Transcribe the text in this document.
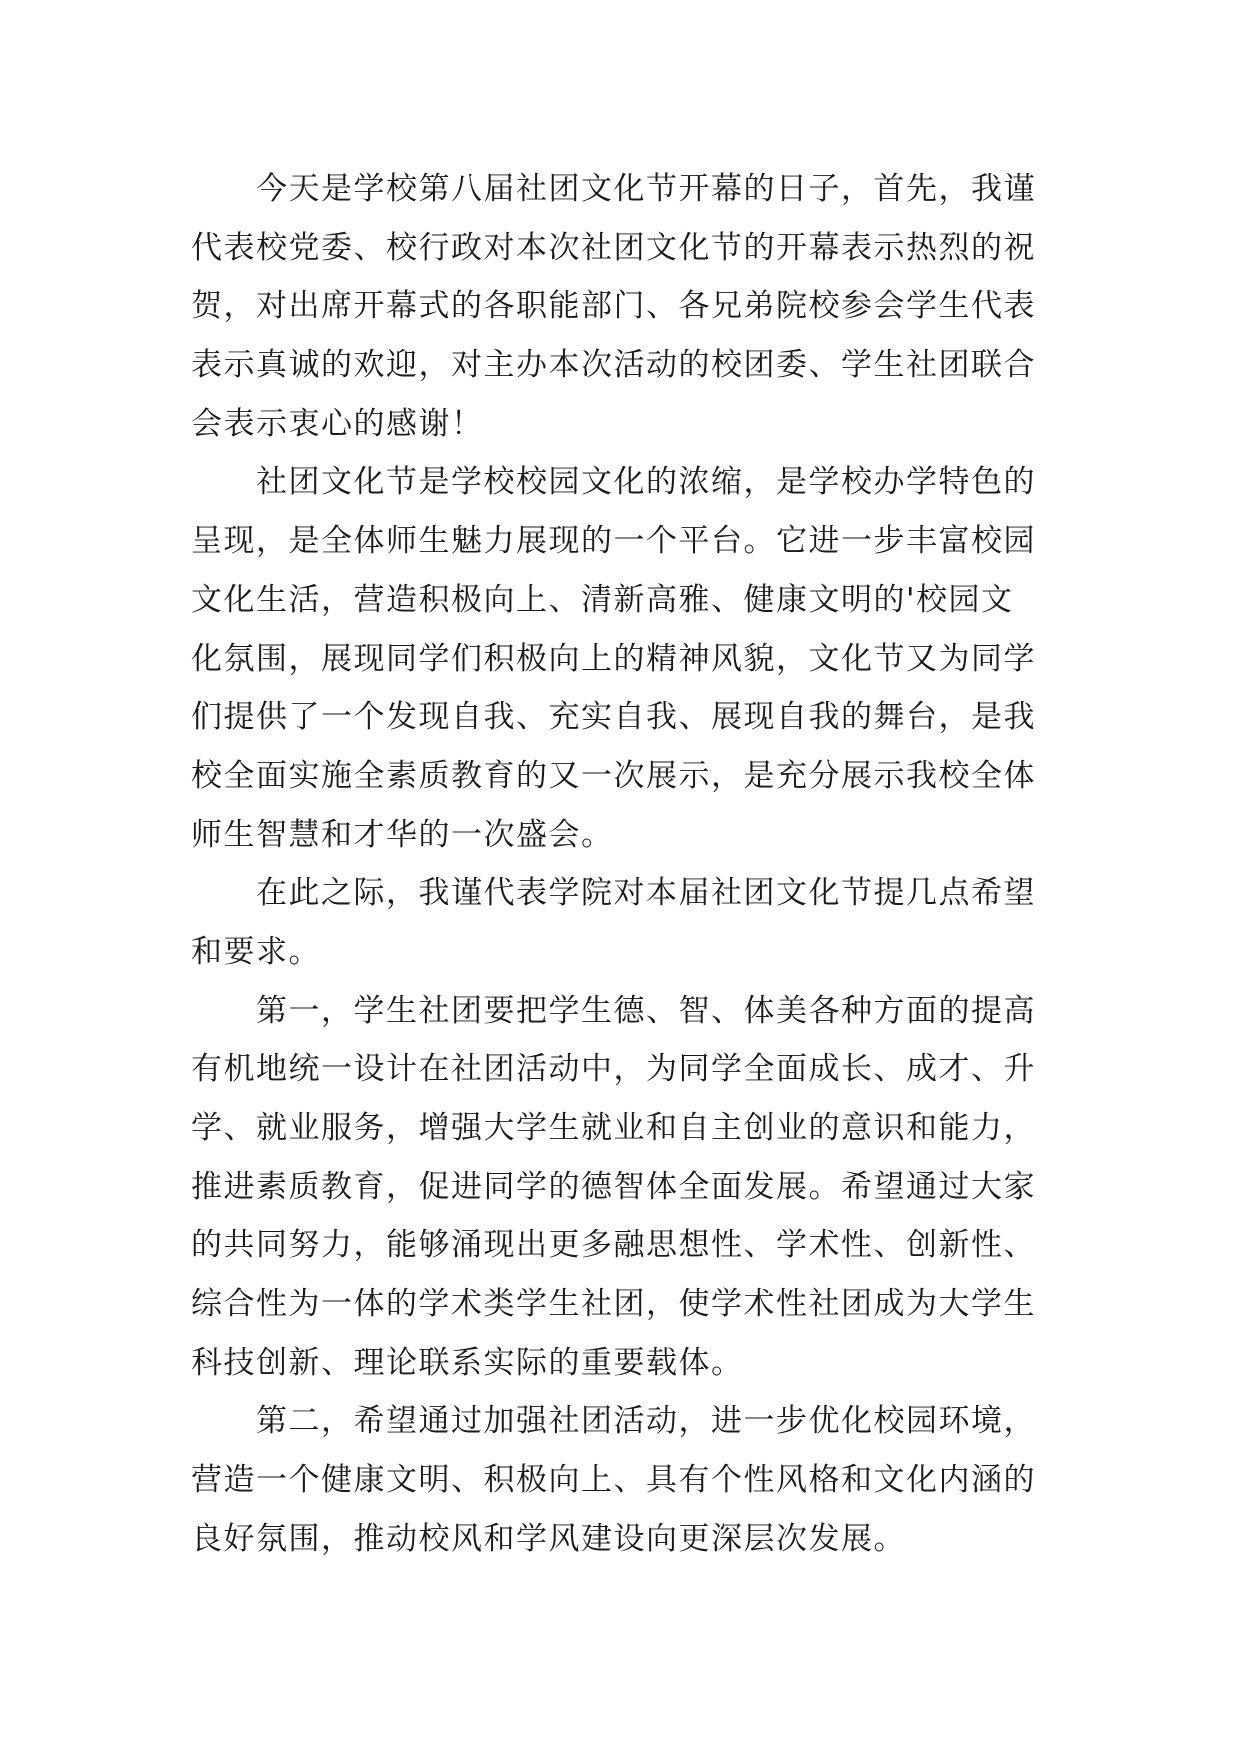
今天是学校第八届社团文化节开幕的日子，首先，我谨
代表校党委、校行政对本次社团文化节的开幕表示热烈的祝
贺，对出席开幕式的各职能部门、各兄弟院校参会学生代表
表示真诚的欢迎，对主办本次活动的校团委、学生社团联合
会表示衷心的感谢！
社团文化节是学校校园文化的浓缩，是学校办学特色的
呈现，是全体师生魅力展现的一个平台。它进一步丰富校园
文化生活，营造积极向上、清新高雅、健康文明的'校园文
化氛围，展现同学们积极向上的精神风貌，文化节又为同学
们提供了一个发现自我、充实自我、展现自我的舞台，是我
校全面实施全素质教育的又一次展示，是充分展示我校全体
师生智慧和才华的一次盛会。
在此之际，我谨代表学院对本届社团文化节提几点希望
和要求。
第一，学生社团要把学生德、智、体美各种方面的提高
有机地统一设计在社团活动中，为同学全面成长、成才、升
学、就业服务，增强大学生就业和自主创业的意识和能力，
推进素质教育，促进同学的德智体全面发展。希望通过大家
的共同努力，能够涌现出更多融思想性、学术性、创新性、
综合性为一体的学术类学生社团，使学术性社团成为大学生
科技创新、理论联系实际的重要载体。
第二，希望通过加强社团活动，进一步优化校园环境，
营造一个健康文明、积极向上、具有个性风格和文化内涵的
良好氛围，推动校风和学风建设向更深层次发展。
